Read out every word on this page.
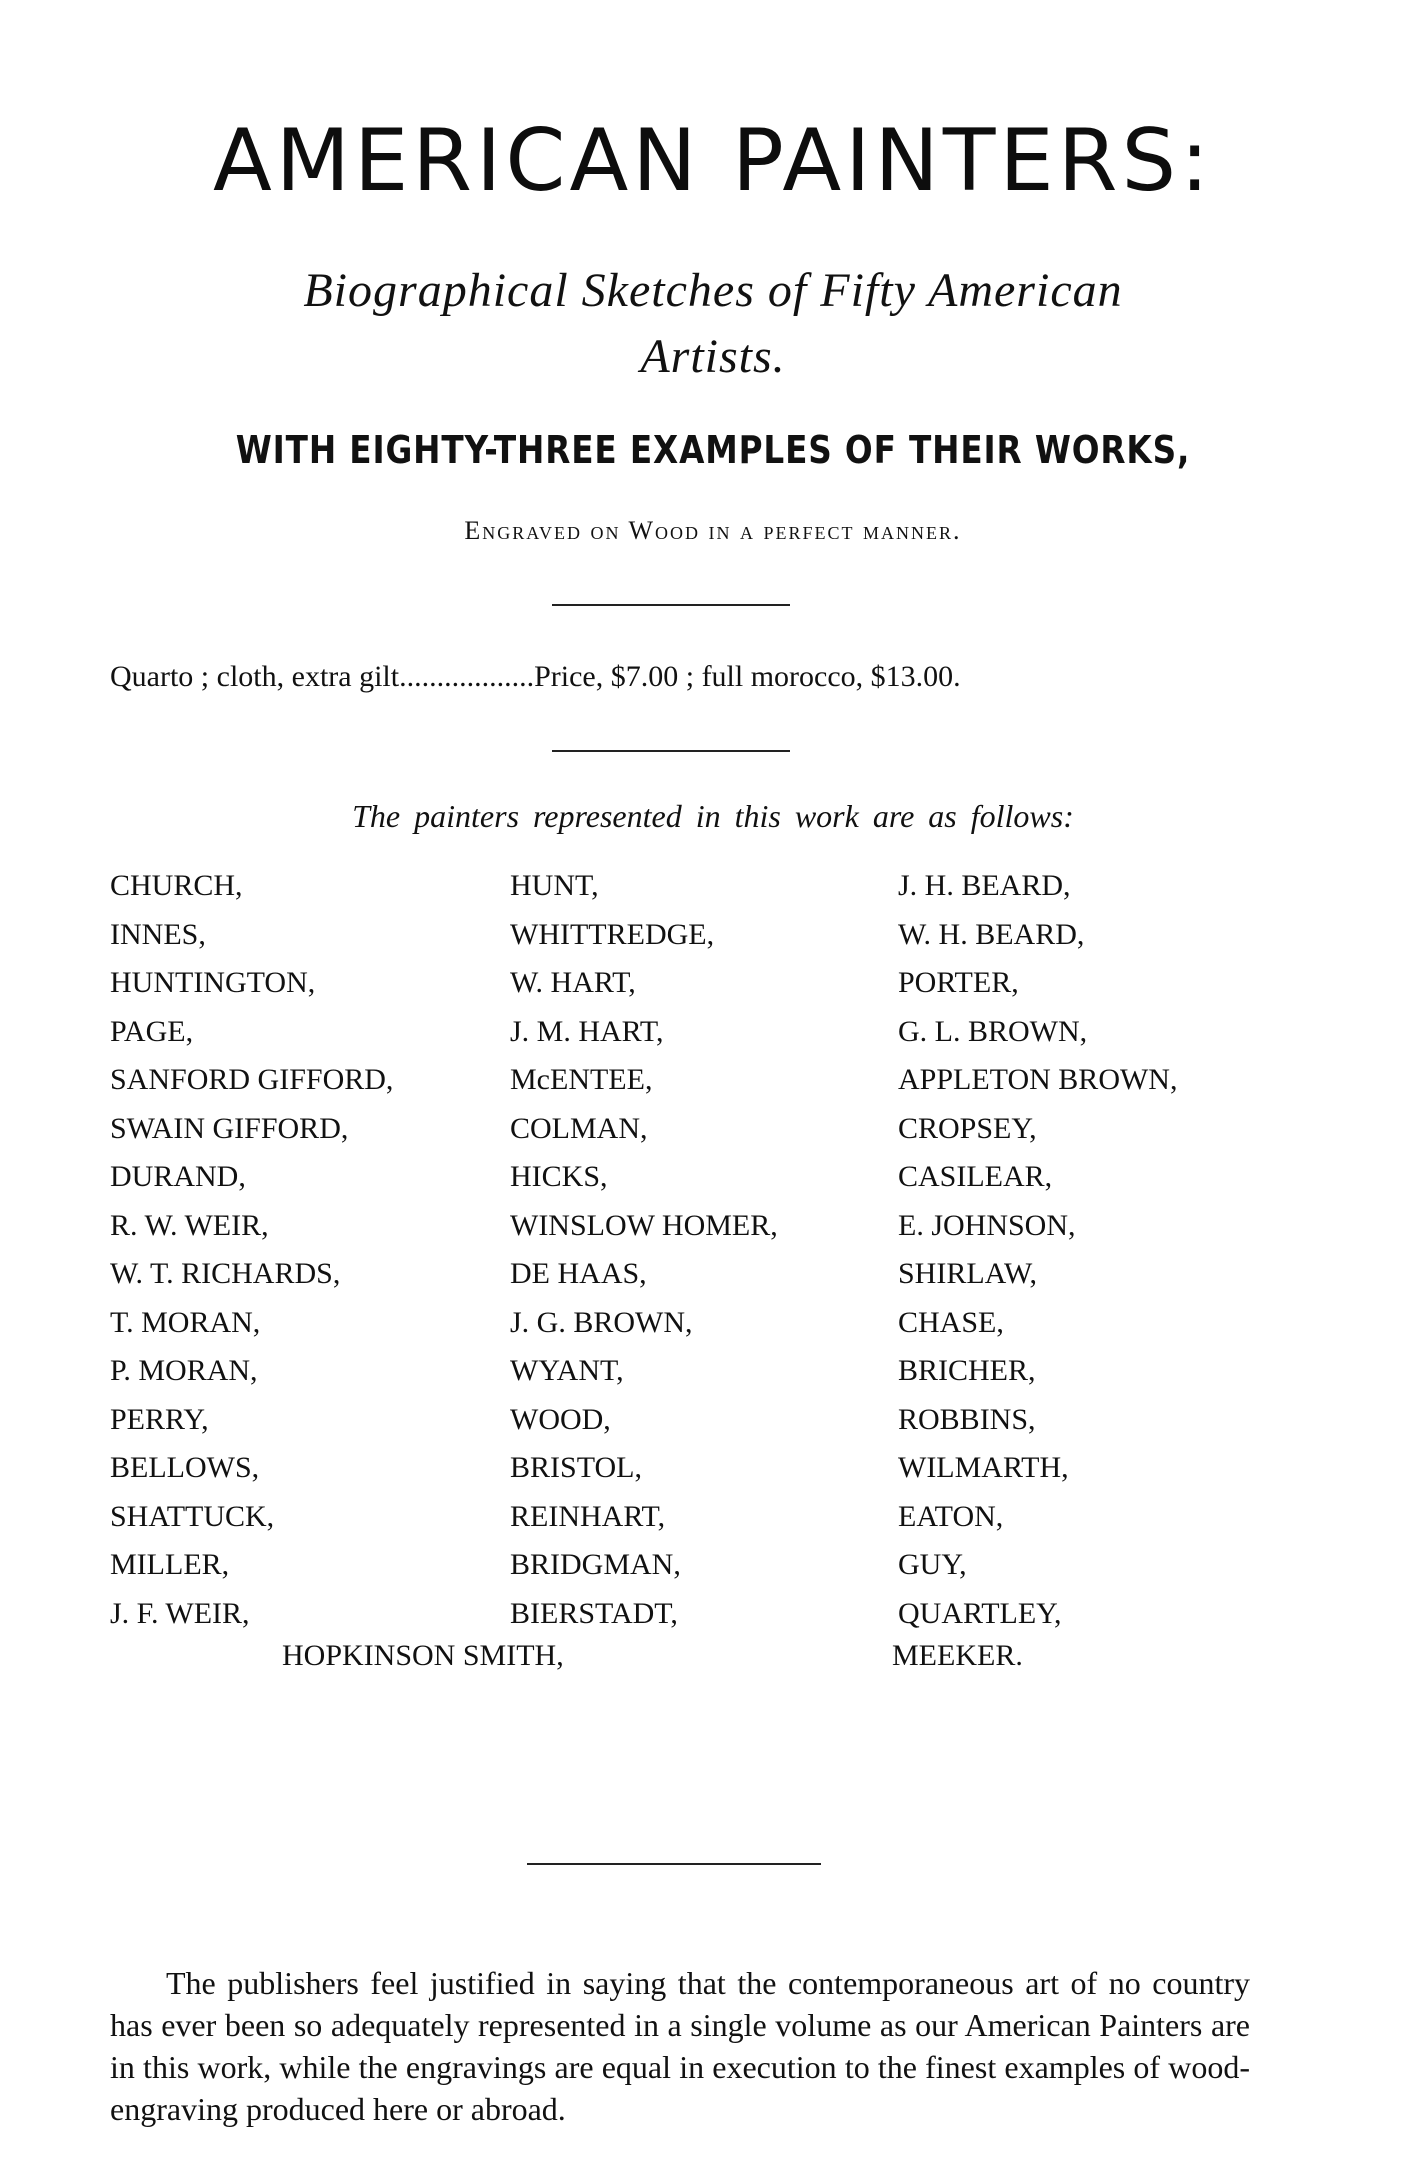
AMERICAN PAINTERS:
Biographical Sketches of Fifty American
Artists.
WITH EIGHTY-THREE EXAMPLES OF THEIR WORKS,
Engraved on Wood in a perfect manner.
Quarto ; cloth, extra gilt..................Price, $7.00 ; full morocco, $13.00.
The painters represented in this work are as follows:
CHURCH,
INNES,
HUNTINGTON,
PAGE,
SANFORD GIFFORD,
SWAIN GIFFORD,
DURAND,
R. W. WEIR,
W. T. RICHARDS,
T. MORAN,
P. MORAN,
PERRY,
BELLOWS,
SHATTUCK,
MILLER,
J. F. WEIR,
HUNT,
WHITTREDGE,
W. HART,
J. M. HART,
McENTEE,
COLMAN,
HICKS,
WINSLOW HOMER,
DE HAAS,
J. G. BROWN,
WYANT,
WOOD,
BRISTOL,
REINHART,
BRIDGMAN,
BIERSTADT,
J. H. BEARD,
W. H. BEARD,
PORTER,
G. L. BROWN,
APPLETON BROWN,
CROPSEY,
CASILEAR,
E. JOHNSON,
SHIRLAW,
CHASE,
BRICHER,
ROBBINS,
WILMARTH,
EATON,
GUY,
QUARTLEY,
HOPKINSON SMITH,	MEEKER.

The publishers feel justified in saying that the contemporaneous art of no country has ever been so adequately represented in a single volume as our American Painters are in this work, while the engravings are equal in execution to the finest examples of wood-engraving produced here or abroad.
